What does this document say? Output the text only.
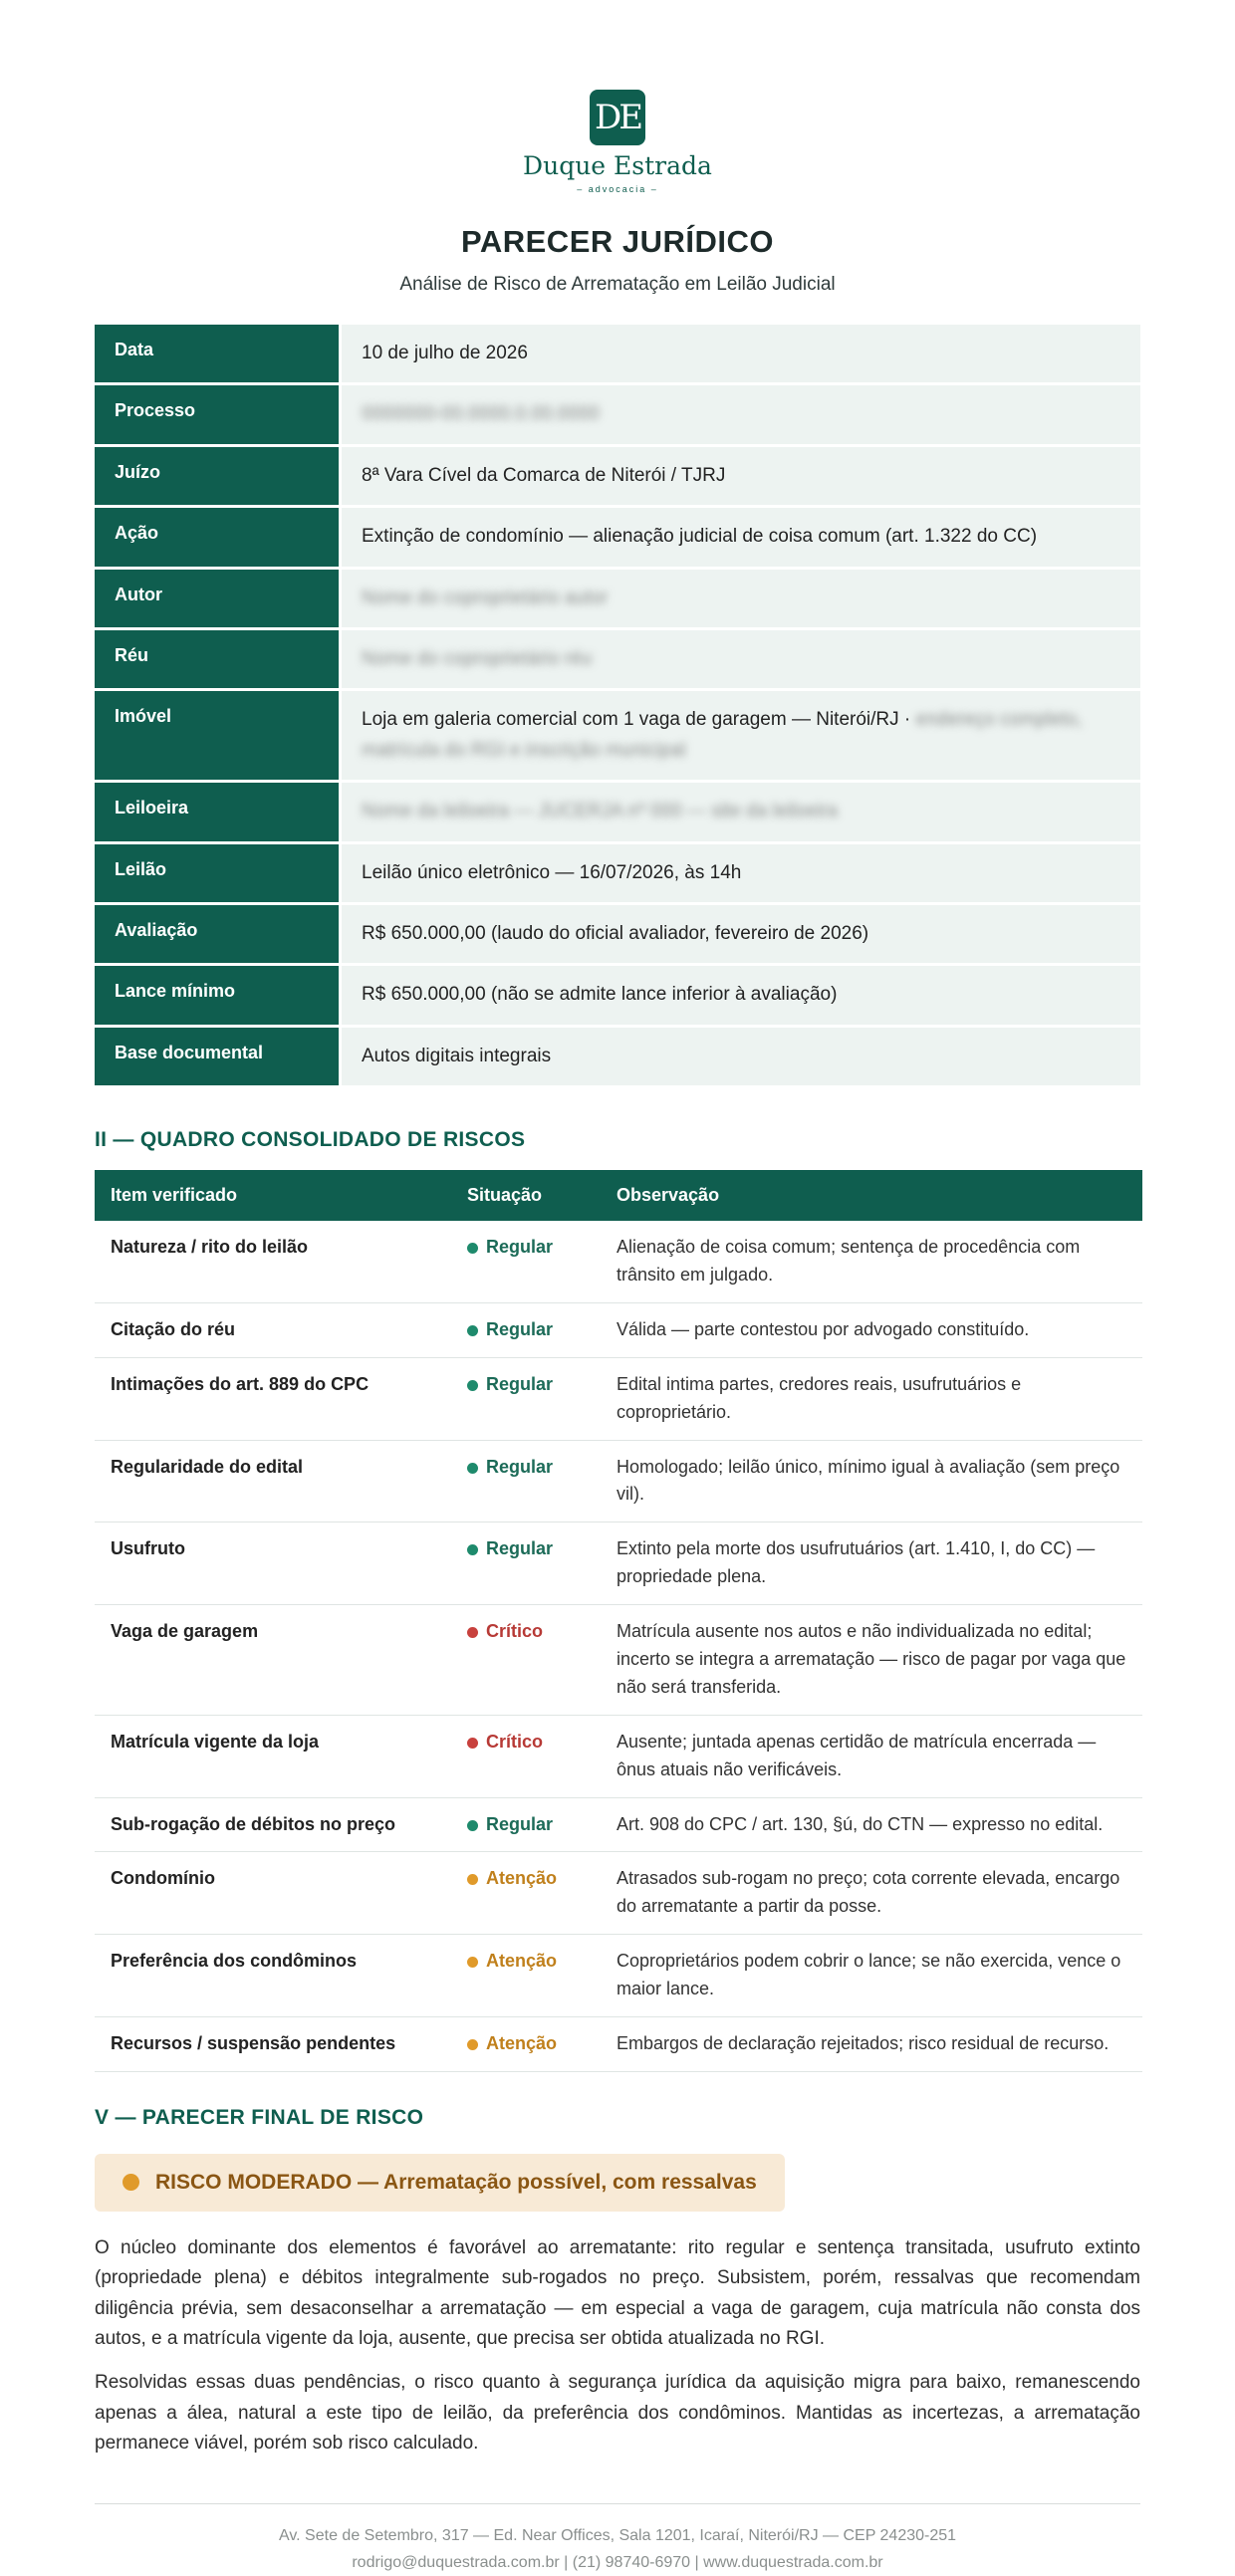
DE
Duque Estrada
– advocacia –
PARECER JURÍDICO
Análise de Risco de Arrematação em Leilão Judicial
Data	10 de julho de 2026
Processo	0000000-00.0000.0.00.0000
Juízo	8ª Vara Cível da Comarca de Niterói / TJRJ
Ação	Extinção de condomínio — alienação judicial de coisa comum (art. 1.322 do CC)
Autor	Nome do coproprietário autor
Réu	Nome do coproprietário réu
Imóvel	Loja em galeria comercial com 1 vaga de garagem — Niterói/RJ · endereço completo, matrícula do RGI e inscrição municipal
Leiloeira	Nome da leiloeira — JUCERJA nº 000 — site da leiloeira
Leilão	Leilão único eletrônico — 16/07/2026, às 14h
Avaliação	R$ 650.000,00 (laudo do oficial avaliador, fevereiro de 2026)
Lance mínimo	R$ 650.000,00 (não se admite lance inferior à avaliação)
Base documental	Autos digitais integrais
II — QUADRO CONSOLIDADO DE RISCOS
Item verificado	Situação	Observação
Natureza / rito do leilão	Regular	Alienação de coisa comum; sentença de procedência com trânsito em julgado.
Citação do réu	Regular	Válida — parte contestou por advogado constituído.
Intimações do art. 889 do CPC	Regular	Edital intima partes, credores reais, usufrutuários e coproprietário.
Regularidade do edital	Regular	Homologado; leilão único, mínimo igual à avaliação (sem preço vil).
Usufruto	Regular	Extinto pela morte dos usufrutuários (art. 1.410, I, do CC) — propriedade plena.
Vaga de garagem	Crítico	Matrícula ausente nos autos e não individualizada no edital; incerto se integra a arrematação — risco de pagar por vaga que não será transferida.
Matrícula vigente da loja	Crítico	Ausente; juntada apenas certidão de matrícula encerrada — ônus atuais não verificáveis.
Sub-rogação de débitos no preço	Regular	Art. 908 do CPC / art. 130, §ú, do CTN — expresso no edital.
Condomínio	Atenção	Atrasados sub-rogam no preço; cota corrente elevada, encargo do arrematante a partir da posse.
Preferência dos condôminos	Atenção	Coproprietários podem cobrir o lance; se não exercida, vence o maior lance.
Recursos / suspensão pendentes	Atenção	Embargos de declaração rejeitados; risco residual de recurso.
V — PARECER FINAL DE RISCO
RISCO MODERADO — Arrematação possível, com ressalvas

O núcleo dominante dos elementos é favorável ao arrematante: rito regular e sentença transitada, usufruto extinto (propriedade plena) e débitos integralmente sub-rogados no preço. Subsistem, porém, ressalvas que recomendam diligência prévia, sem desaconselhar a arrematação — em especial a vaga de garagem, cuja matrícula não consta dos autos, e a matrícula vigente da loja, ausente, que precisa ser obtida atualizada no RGI.

Resolvidas essas duas pendências, o risco quanto à segurança jurídica da aquisição migra para baixo, remanescendo apenas a álea, natural a este tipo de leilão, da preferência dos condôminos. Mantidas as incertezas, a arrematação permanece viável, porém sob risco calculado.

Av. Sete de Setembro, 317 — Ed. Near Offices, Sala 1201, Icaraí, Niterói/RJ — CEP 24230-251
rodrigo@duquestrada.com.br | (21) 98740-6970 | www.duquestrada.com.br
